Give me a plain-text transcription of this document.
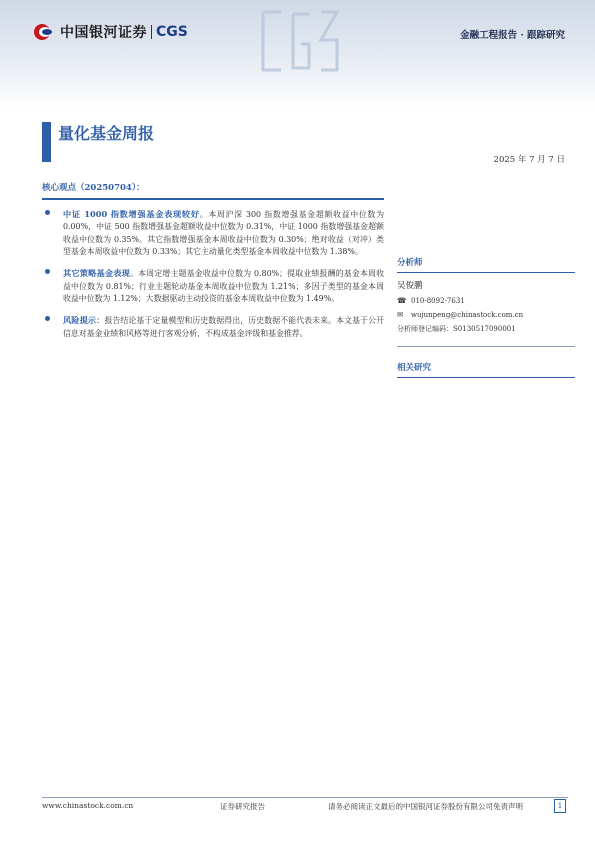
中国银河证券 CGS	金融工程报告 · 跟踪研究
量化基金周报
2025 年 7 月 7 日
核心观点（20250704）：
中证 1000 指数增强基金表现较好。本周沪深 300 指数增强基金超额收益中位数为 0.00%，中证 500 指数增强基金超额收益中位数为 0.31%，中证 1000 指数增强基金超额收益中位数为 0.35%。其它指数增强基金本周收益中位数为 0.30%；绝对收益（对冲）类型基金本周收益中位数为 0.33%；其它主动量化类型基金本周收益中位数为 1.38%。
其它策略基金表现。本周定增主题基金收益中位数为 0.80%；提取业绩报酬的基金本周收益中位数为 0.81%；行业主题轮动基金本周收益中位数为 1.21%；多因子类型的基金本周收益中位数为 1.12%；大数据驱动主动投资的基金本周收益中位数为 1.49%。
风险提示：报告结论基于定量模型和历史数据得出，历史数据不能代表未来。本文基于公开信息对基金业绩和风格等进行客观分析，不构成基金评级和基金推荐。
分析师
吴俊鹏
☎ 010-8092-7631
✉	wujunpeng@chinastock.com.cn
分析师登记编码： S0130517090001
相关研究
www.chinastock.com.cn	证券研究报告	请务必阅读正文最后的中国银河证券股份有限公司免责声明	1
